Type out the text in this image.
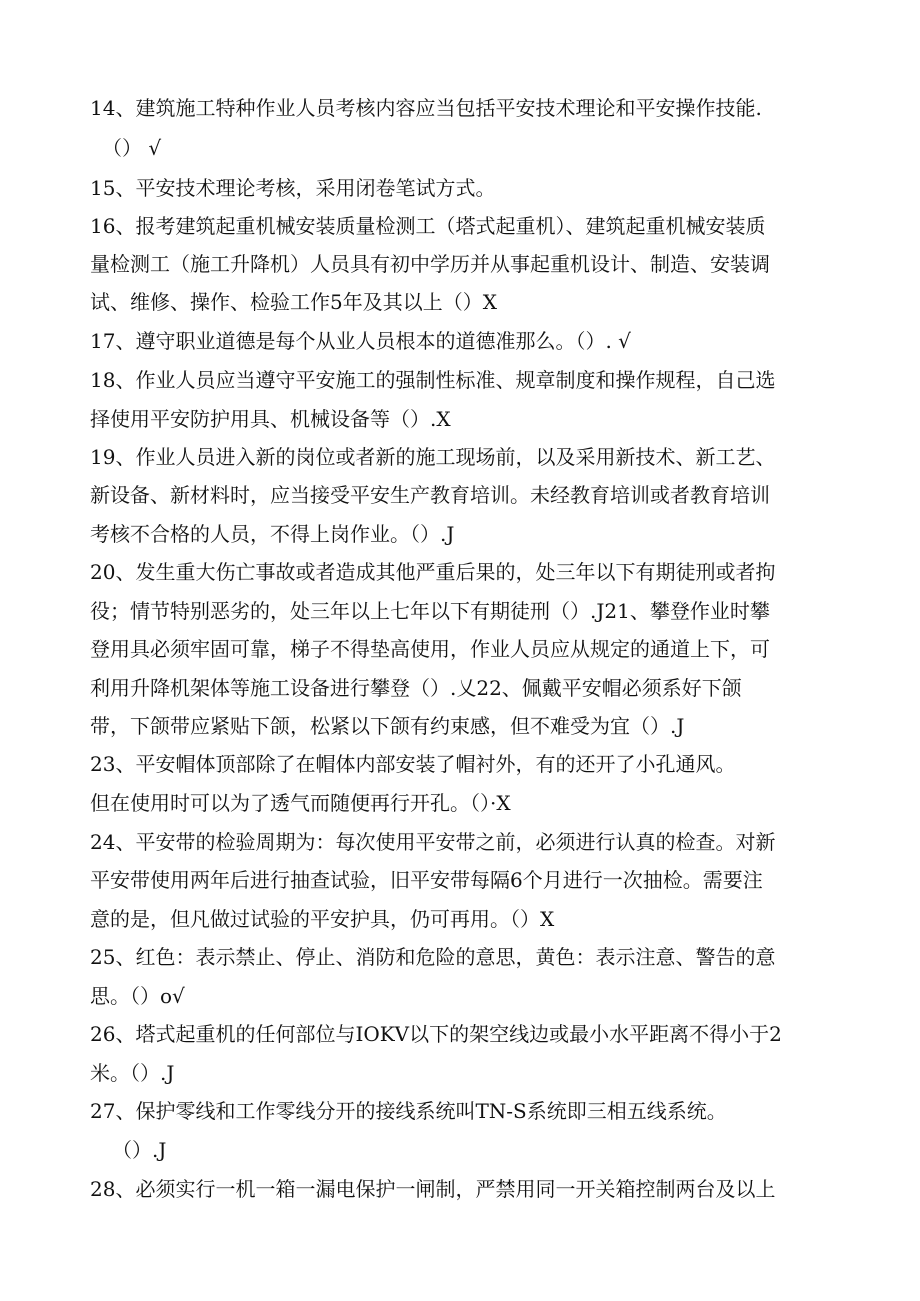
14、建筑施工特种作业人员考核内容应当包括平安技术理论和平安操作技能.
（） √
15、平安技术理论考核，采用闭卷笔试方式。
16、报考建筑起重机械安装质量检测工（塔式起重机）、建筑起重机械安装质
量检测工（施工升降机）人员具有初中学历并从事起重机设计、制造、安装调
试、维修、操作、检验工作5年及其以上（）X
17、遵守职业道德是每个从业人员根本的道德准那么。（）. √
18、作业人员应当遵守平安施工的强制性标准、规章制度和操作规程，自己选
择使用平安防护用具、机械设备等（）.X
19、作业人员进入新的岗位或者新的施工现场前，以及采用新技术、新工艺、
新设备、新材料时，应当接受平安生产教育培训。未经教育培训或者教育培训
考核不合格的人员，不得上岗作业。（）.J
20、发生重大伤亡事故或者造成其他严重后果的，处三年以下有期徒刑或者拘
役；情节特别恶劣的，处三年以上七年以下有期徒刑（）.J21、攀登作业时攀
登用具必须牢固可靠，梯子不得垫高使用，作业人员应从规定的通道上下，可
利用升降机架体等施工设备进行攀登（）.乂22、佩戴平安帽必须系好下颌
带，下颌带应紧贴下颌，松紧以下颌有约束感，但不难受为宜（）.J
23、平安帽体顶部除了在帽体内部安装了帽衬外，有的还开了小孔通风。
但在使用时可以为了透气而随便再行开孔。（）·X
24、平安带的检验周期为：每次使用平安带之前，必须进行认真的检查。对新
平安带使用两年后进行抽查试验，旧平安带每隔6个月进行一次抽检。需要注
意的是，但凡做过试验的平安护具，仍可再用。（）X
25、红色：表示禁止、停止、消防和危险的意思，黄色：表示注意、警告的意
思。（）o√
26、塔式起重机的任何部位与IOKV以下的架空线边或最小水平距离不得小于2
米。（）.J
27、保护零线和工作零线分开的接线系统叫TN-S系统即三相五线系统。
（）.J
28、必须实行一机一箱一漏电保护一闸制，严禁用同一开关箱控制两台及以上
